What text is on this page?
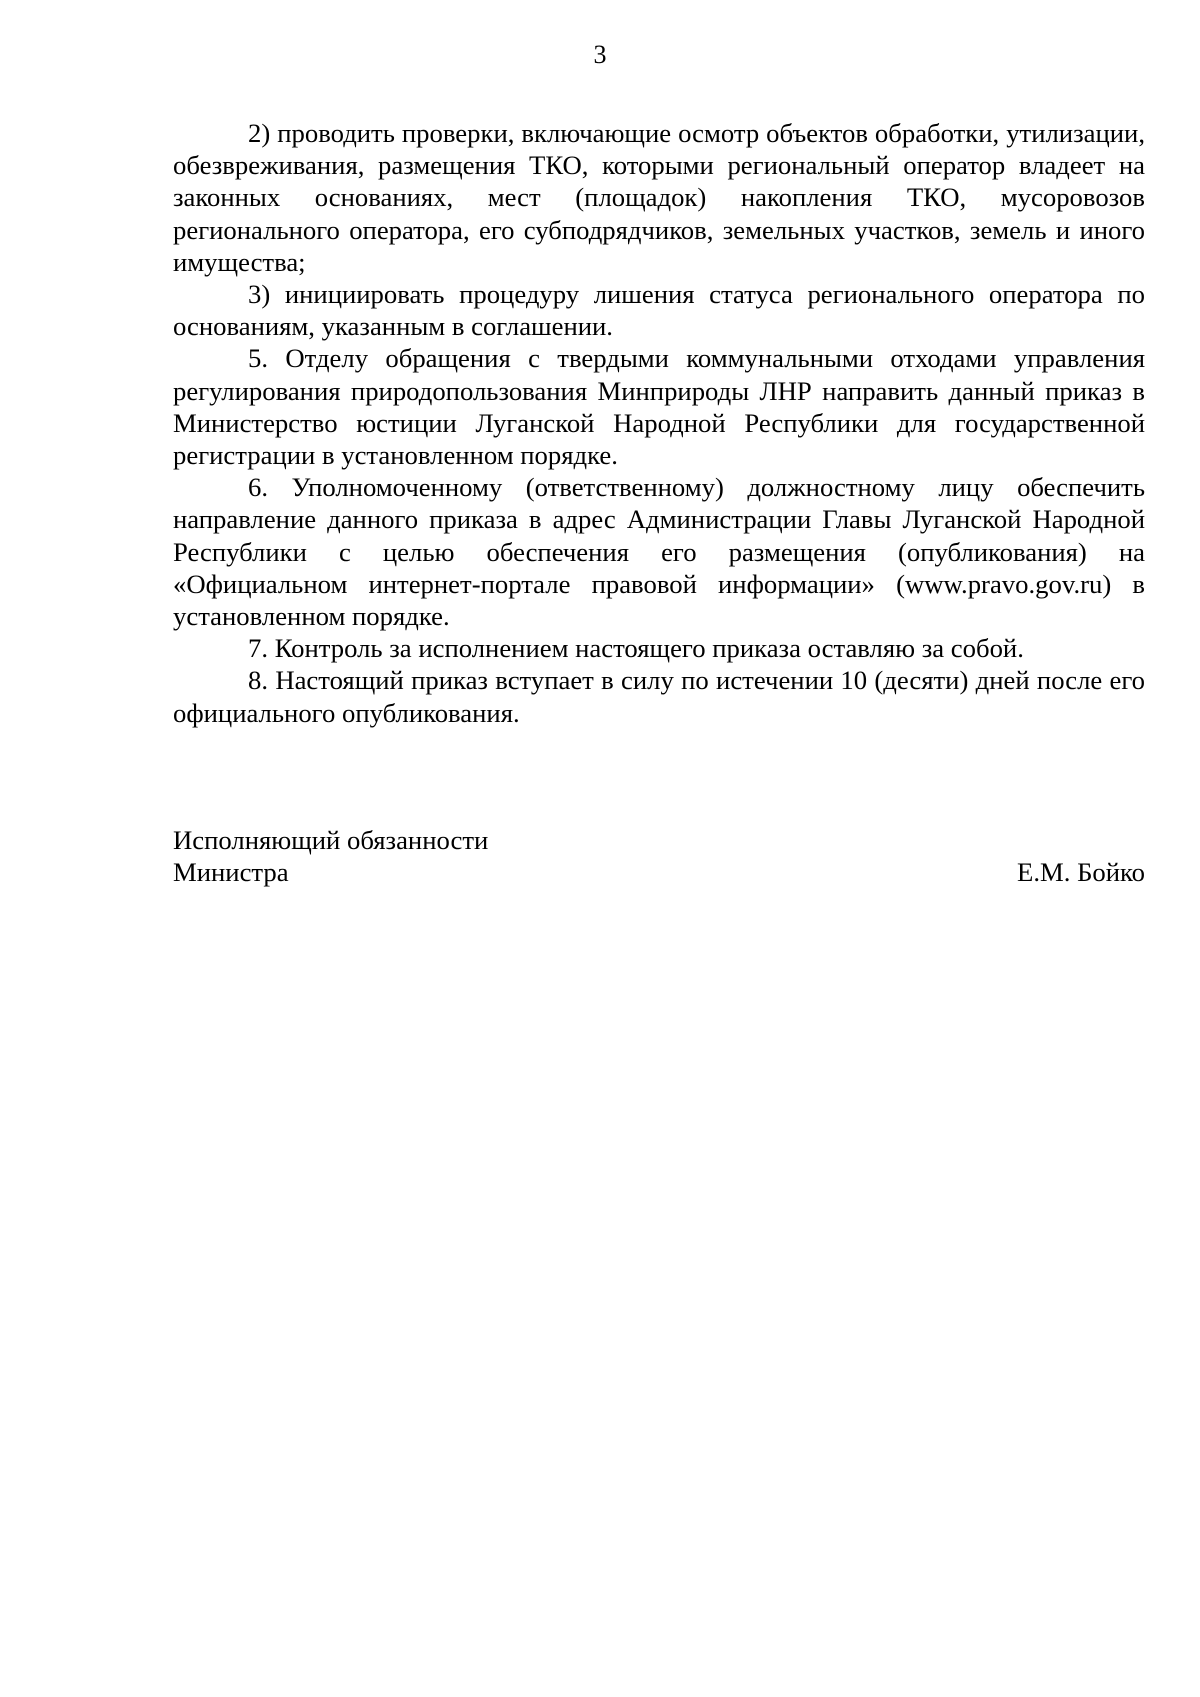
3

2) проводить проверки, включающие осмотр объектов обработки, утилизации, обезвреживания, размещения ТКО, которыми региональный оператор владеет на законных основаниях, мест (площадок) накопления ТКО, мусоровозов регионального оператора, его субподрядчиков, земельных участков, земель и иного имущества;

3) инициировать процедуру лишения статуса регионального оператора по основаниям, указанным в соглашении.

5. Отделу обращения с твердыми коммунальными отходами управления регулирования природопользования Минприроды ЛНР направить данный приказ в Министерство юстиции Луганской Народной Республики для государственной регистрации в установленном порядке.

6. Уполномоченному (ответственному) должностному лицу обеспечить направление данного приказа в адрес Администрации Главы Луганской Народной Республики с целью обеспечения его размещения (опубликования) на «Официальном интернет-портале правовой информации» (www.pravo.gov.ru) в установленном порядке.

7. Контроль за исполнением настоящего приказа оставляю за собой.

8. Настоящий приказ вступает в силу по истечении 10 (десяти) дней после его официального опубликования.

Исполняющий обязанности
Министра	Е.М. Бойко
